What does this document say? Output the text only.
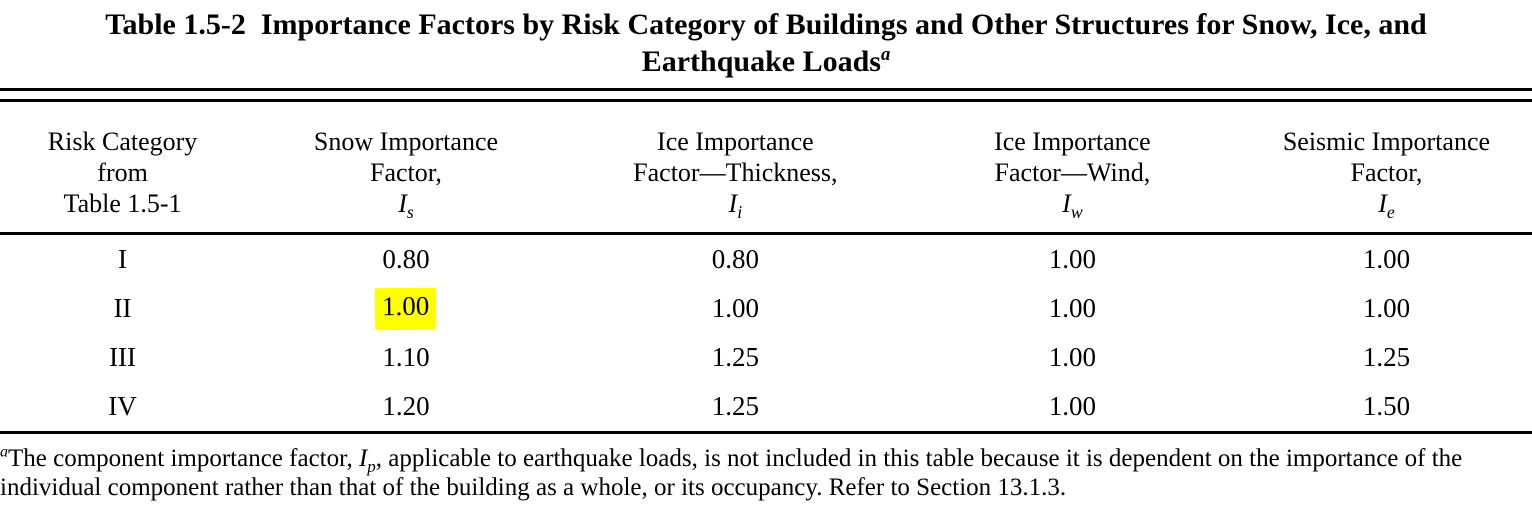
Table 1.5-2  Importance Factors by Risk Category of Buildings and Other Structures for Snow, Ice, and
Earthquake Loads$^a$
Risk Category
from
Table 1.5-1

Snow Importance
Factor,
$I_s$

Ice Importance
Factor—Thickness,
$I_i$

Ice Importance
Factor—Wind,
$I_w$

Seismic Importance
Factor,
$I_e$

I	0.80	0.80	1.00	1.00
II	1.00	1.00	1.00	1.00
III	1.10	1.25	1.00	1.25
IV	1.20	1.25	1.00	1.50
$^a$The component importance factor, $I_p$, applicable to earthquake loads, is not included in this table because it is dependent on the importance of the individual component rather than that of the building as a whole, or its occupancy. Refer to Section 13.1.3.
